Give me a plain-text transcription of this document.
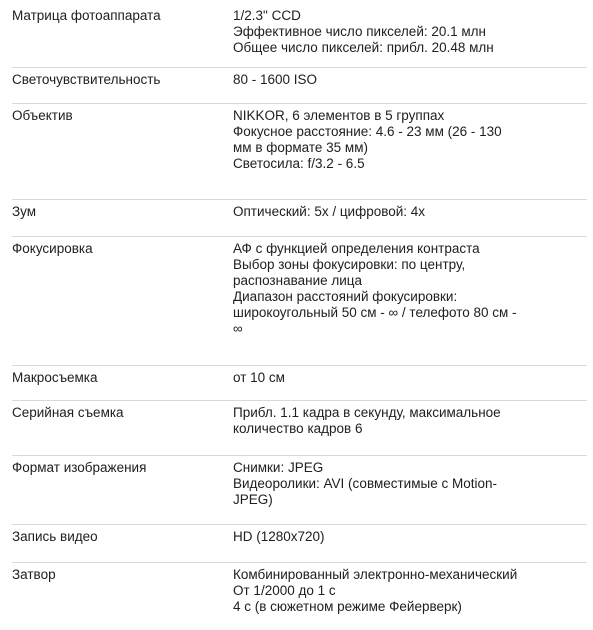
Матрица фотоаппарата	1/2.3" CCD
Эффективное число пикселей: 20.1 млн
Общее число пикселей: прибл. 20.48 млн
Светочувствительность	80 - 1600 ISO
Объектив	NIKKOR, 6 элементов в 5 группах
Фокусное расстояние: 4.6 - 23 мм (26 - 130
мм в формате 35 мм)
Светосила: f/3.2 - 6.5
Зум	Оптический: 5x / цифровой: 4x
Фокусировка	АФ с функцией определения контраста
Выбор зоны фокусировки: по центру,
распознавание лица
Диапазон расстояний фокусировки:
широкоугольный 50 см - ∞ / телефото 80 см -
∞
Макросъемка	от 10 см
Серийная съемка	Прибл. 1.1 кадра в секунду, максимальное
количество кадров 6
Формат изображения	Снимки: JPEG
Видеоролики: AVI (совместимые с Motion-
JPEG)
Запись видео	HD (1280x720)
Затвор	Комбинированный электронно-механический
От 1/2000 до 1 с
4 с (в сюжетном режиме Фейерверк)
